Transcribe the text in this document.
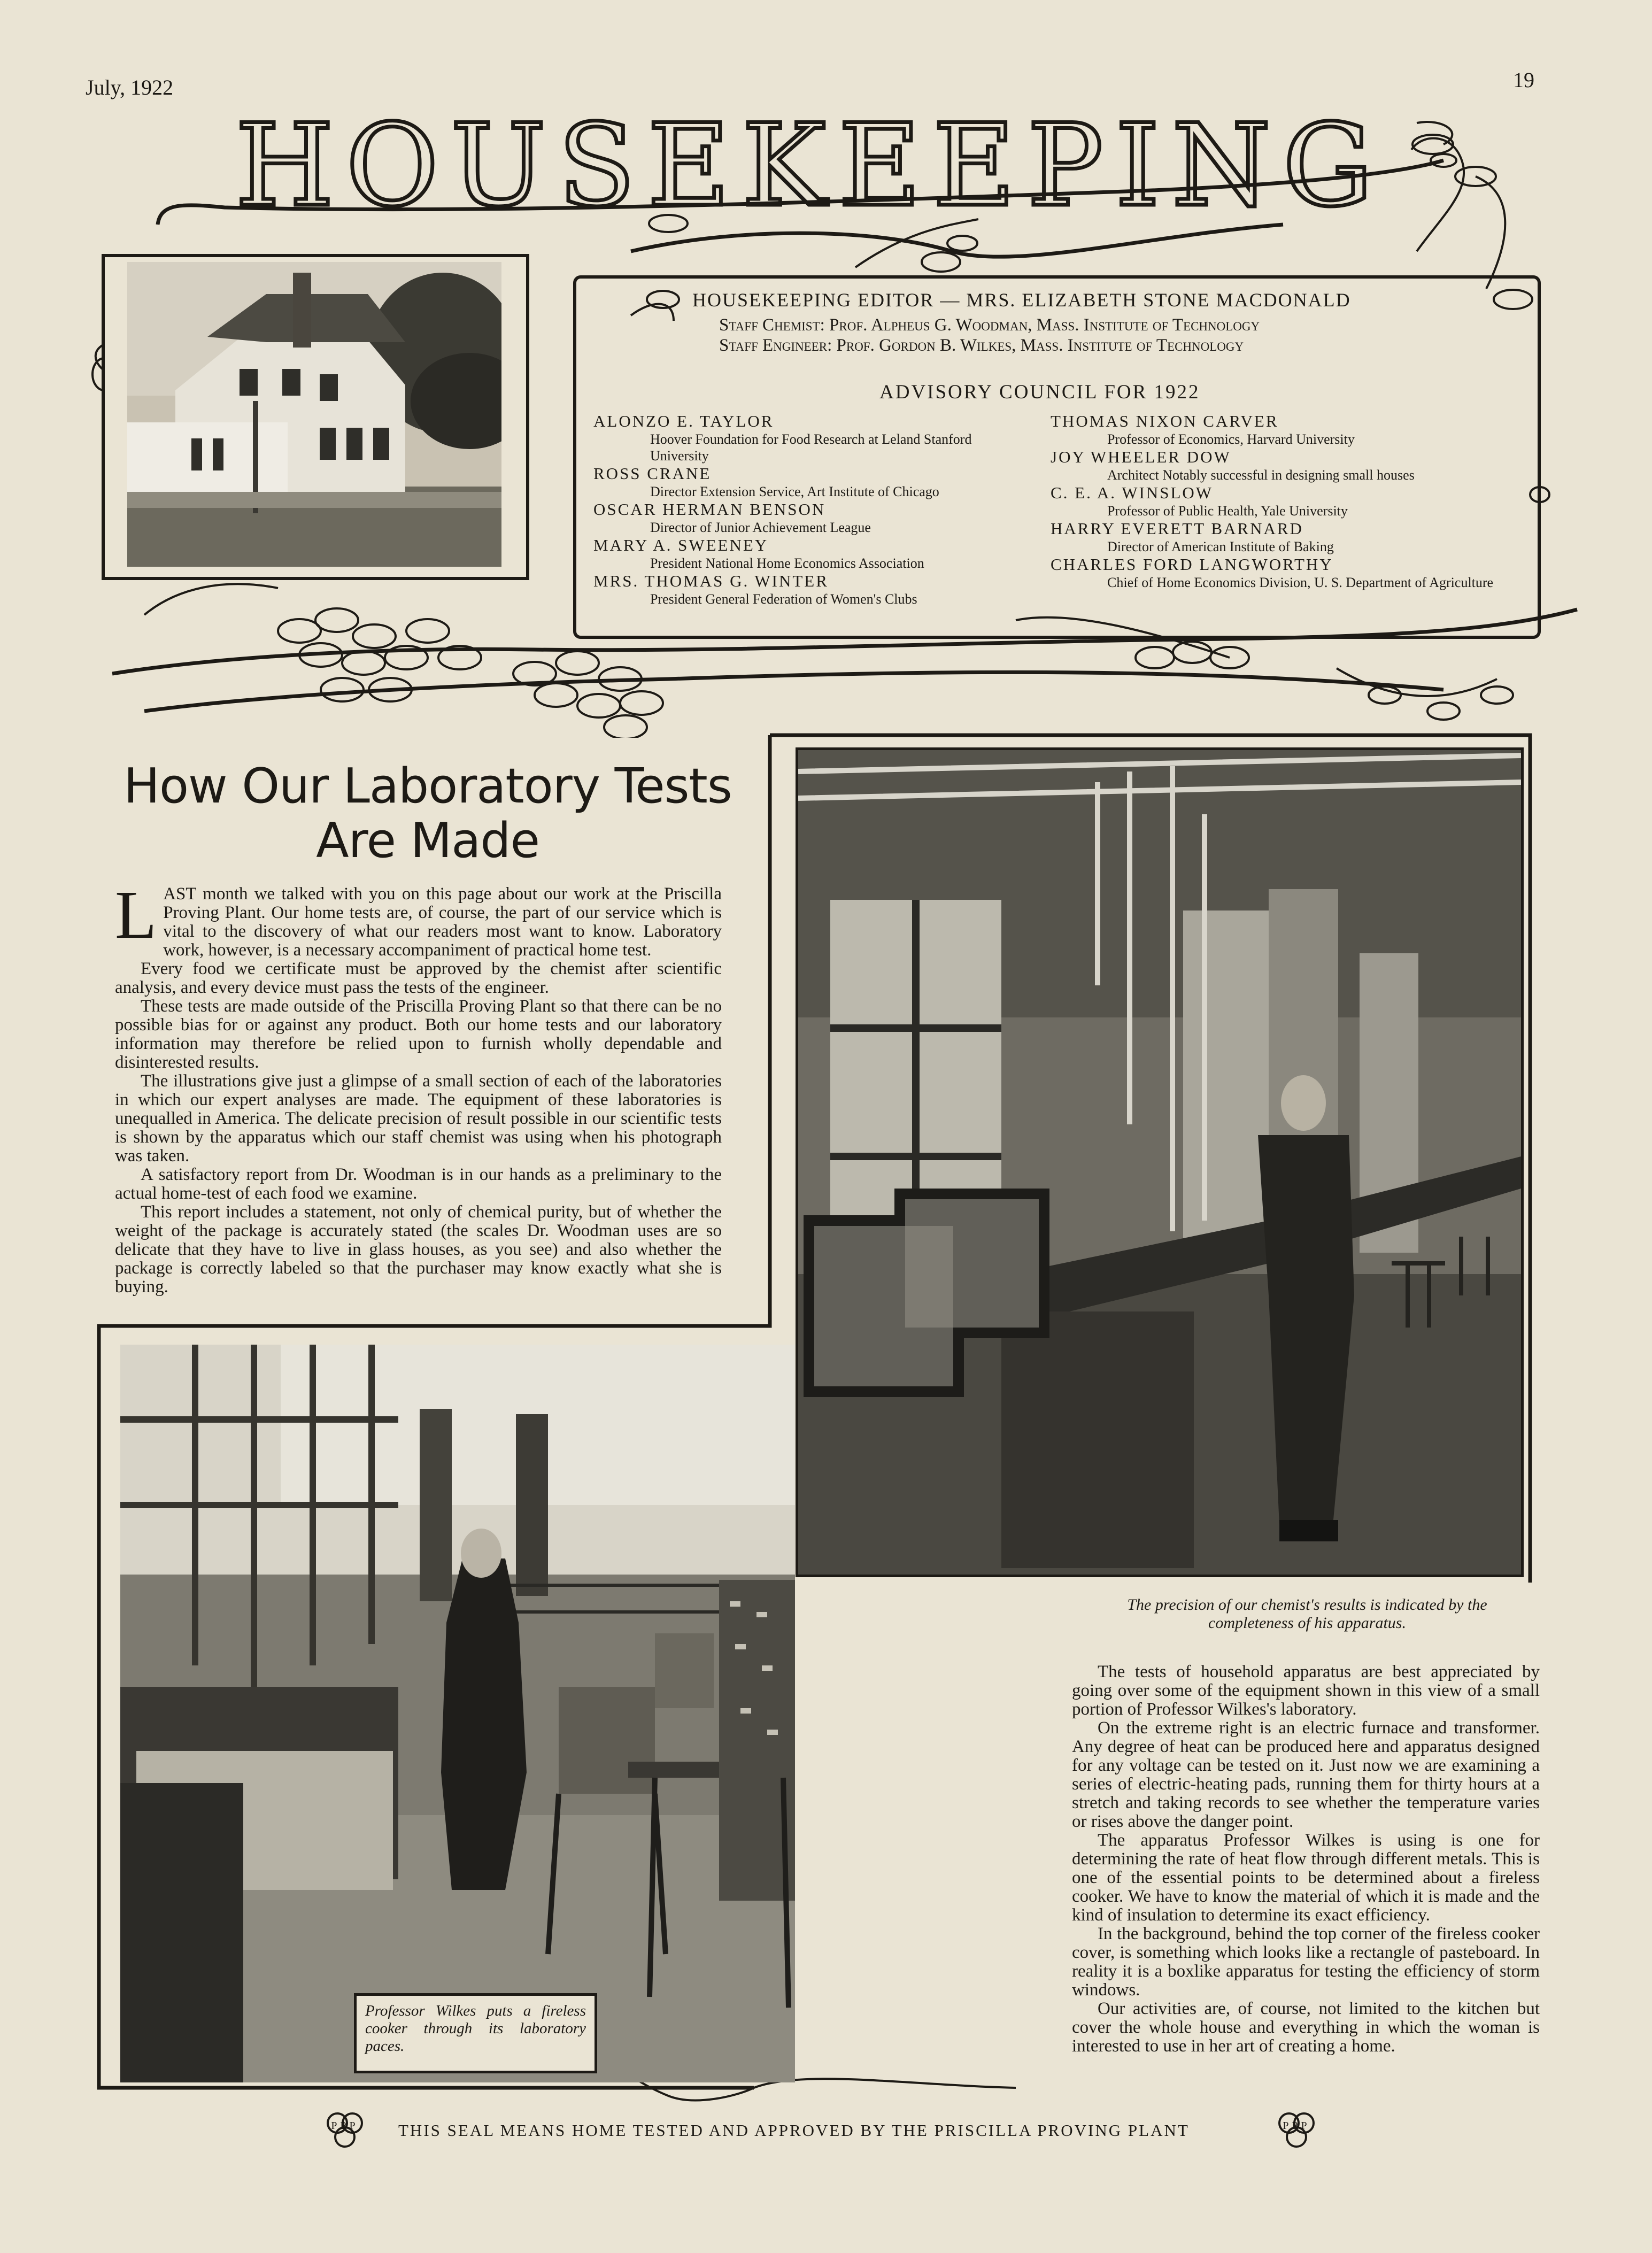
July, 1922	19
HOUSEKEEPING
HOUSEKEEPING EDITOR — MRS. ELIZABETH STONE MACDONALD
Staff Chemist: Prof. Alpheus G. Woodman, Mass. Institute of Technology
Staff Engineer: Prof. Gordon B. Wilkes, Mass. Institute of Technology
ADVISORY COUNCIL FOR 1922
ALONZO E. TAYLOR
Hoover Foundation for Food Research at Leland Stanford University
ROSS CRANE
Director Extension Service, Art Institute of Chicago
OSCAR HERMAN BENSON
Director of Junior Achievement League
MARY A. SWEENEY
President National Home Economics Association
MRS. THOMAS G. WINTER
President General Federation of Women's Clubs
THOMAS NIXON CARVER
Professor of Economics, Harvard University
JOY WHEELER DOW
Architect Notably successful in designing small houses
C. E. A. WINSLOW
Professor of Public Health, Yale University
HARRY EVERETT BARNARD
Director of American Institute of Baking
CHARLES FORD LANGWORTHY
Chief of Home Economics Division, U. S. Department of Agriculture
How Our Laboratory Tests
Are Made
L AST month we talked with you on this page about our work at the Priscilla Proving Plant. Our home tests are, of course, the part of our service which is vital to the discovery of what our readers most want to know. Laboratory work, however, is a necessary accompaniment of practical home test.

Every food we certificate must be approved by the chemist after scientific analysis, and every device must pass the tests of the engineer.

These tests are made outside of the Priscilla Proving Plant so that there can be no possible bias for or against any product. Both our home tests and our laboratory information may therefore be relied upon to furnish wholly dependable and disinterested results.

The illustrations give just a glimpse of a small section of each of the laboratories in which our expert analyses are made. The equipment of these laboratories is unequalled in America. The delicate precision of result possible in our scientific tests is shown by the apparatus which our staff chemist was using when his photograph was taken.

A satisfactory report from Dr. Woodman is in our hands as a preliminary to the actual home-test of each food we examine.

This report includes a statement, not only of chemical purity, but of whether the weight of the package is accurately stated (the scales Dr. Woodman uses are so delicate that they have to live in glass houses, as you see) and also whether the package is correctly labeled so that the purchaser may know exactly what she is buying.

The precision of our chemist's results is indicated by the completeness of his apparatus.
Professor Wilkes puts a fireless cooker through its laboratory paces.

The tests of household apparatus are best appreciated by going over some of the equipment shown in this view of a small portion of Professor Wilkes's laboratory.

On the extreme right is an electric furnace and transformer. Any degree of heat can be produced here and apparatus designed for any voltage can be tested on it. Just now we are examining a series of electric-heating pads, running them for thirty hours at a stretch and taking records to see whether the temperature varies or rises above the danger point.

The apparatus Professor Wilkes is using is one for determining the rate of heat flow through different metals. This is one of the essential points to be determined about a fireless cooker. We have to know the material of which it is made and the kind of insulation to determine its exact efficiency.

In the background, behind the top corner of the fireless cooker cover, is something which looks like a rectangle of pasteboard. In reality it is a boxlike apparatus for testing the efficiency of storm windows.

Our activities are, of course, not limited to the kitchen but cover the whole house and everything in which the woman is interested to use in her art of creating a home.

PPP THIS SEAL MEANS HOME TESTED AND APPROVED BY THE PRISCILLA PROVING PLANT	PPP
